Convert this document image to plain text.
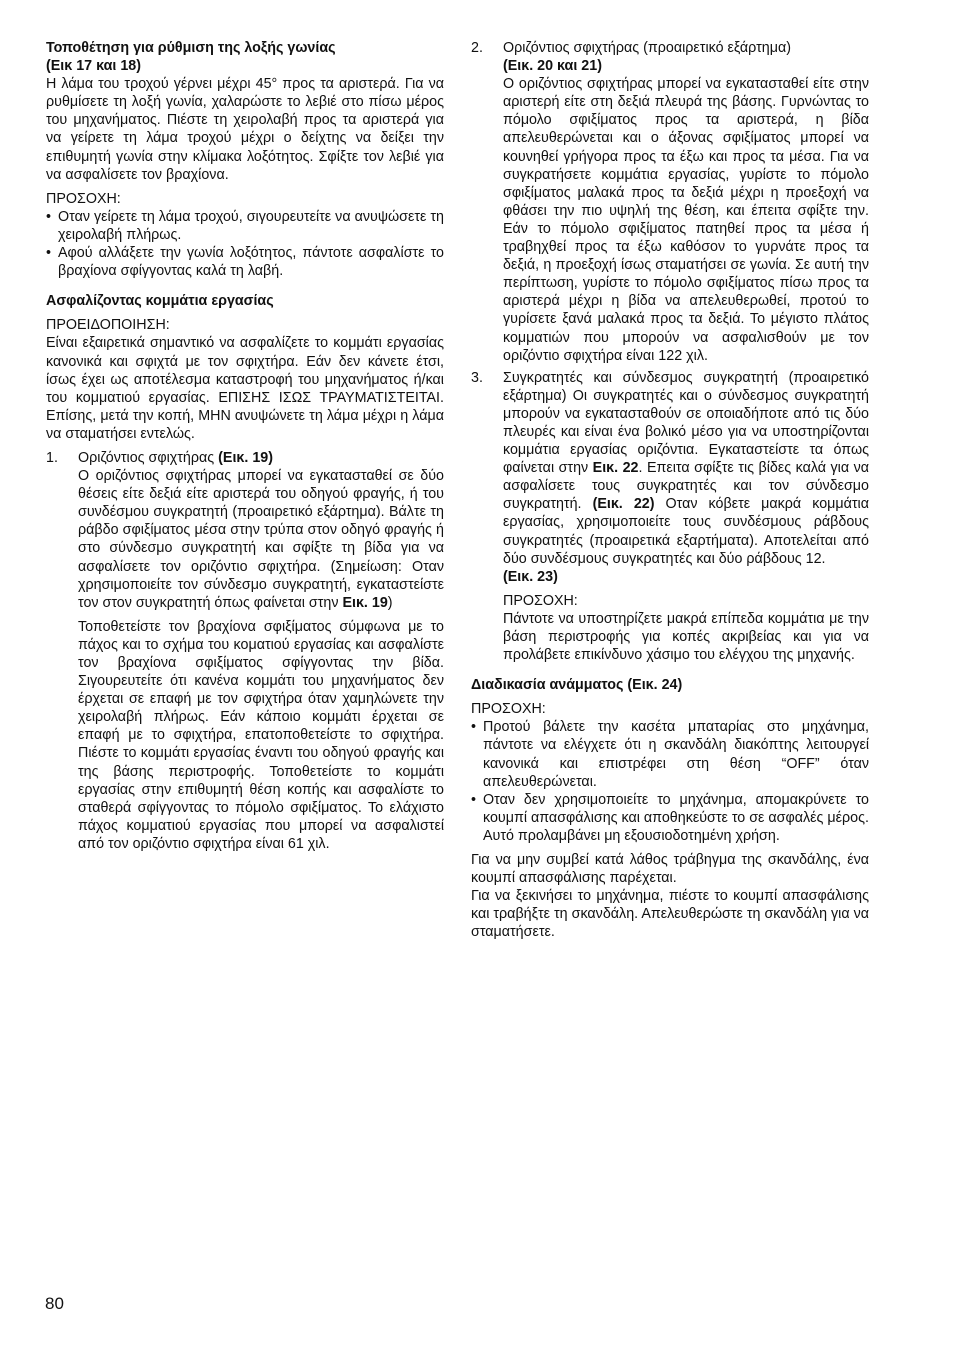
Τοποθέτηση για ρύθμιση της λοξής γωνίας

(Εικ 17 και 18)

Η λάμα του τροχού γέρνει μέχρι 45° προς τα αριστερά. Για να ρυθμίσετε τη λοξή γωνία, χαλαρώστε το λεβιέ στο πίσω μέρος του μηχανήματος. Πιέστε τη χειρολαβή προς τα αριστερά για να γείρετε τη λάμα τροχού μέχρι ο δείχτης να δείξει την επιθυμητή γωνία στην κλίμακα λοξότητος. Σφίξτε τον λεβιέ για να ασφαλίσετε τον βραχίονα.

ΠΡΟΣΟΧΗ:

• Οταν γείρετε τη λάμα τροχού, σιγουρευτείτε να ανυψώσετε τη χειρολαβή πλήρως.
• Αφού αλλάξετε την γωνία λοξότητος, πάντοτε ασφαλίστε το βραχίονα σφίγγοντας καλά τη λαβή.

Ασφαλίζοντας κομμάτια εργασίας

ΠΡΟΕΙΔΟΠΟΙΗΣΗ:

Είναι εξαιρετικά σημαντικό να ασφαλίζετε το κομμάτι εργασίας κανονικά και σφιχτά με τον σφιχτήρα. Εάν δεν κάνετε έτσι, ίσως έχει ως αποτέλεσμα καταστροφή του μηχανήματος ή/και του κομματιού εργασίας. ΕΠΙΣΗΣ ΙΣΩΣ ΤΡΑΥΜΑΤΙΣΤΕΙΤΑΙ. Επίσης, μετά την κοπή, ΜΗΝ ανυψώνετε τη λάμα μέχρι η λάμα να σταματήσει εντελώς.

1. Οριζόντιος σφιχτήρας (Εικ. 19)

Ο οριζόντιος σφιχτήρας μπορεί να εγκατασταθεί σε δύο θέσεις είτε δεξιά είτε αριστερά του οδηγού φραγής, ή του συνδέσμου συγκρατητή (προαιρετικό εξάρτημα). Βάλτε τη ράβδο σφιξίματος μέσα στην τρύπα στον οδηγό φραγής ή στο σύνδεσμο συγκρατητή και σφίξτε τη βίδα για να ασφαλίσετε τον οριζόντιο σφιχτήρα. (Σημείωση: Οταν χρησιμοποιείτε τον σύνδεσμο συγκρατητή, εγκαταστείστε τον στον συγκρατητή όπως φαίνεται στην Εικ. 19)

Τοποθετείστε τον βραχίονα σφιξίματος σύμφωνα με το πάχος και το σχήμα του κοματιού εργασίας και ασφαλίστε τον βραχίονα σφιξίματος σφίγγοντας την βίδα. Σιγουρευτείτε ότι κανένα κομμάτι του μηχανήματος δεν έρχεται σε επαφή με τον σφιχτήρα όταν χαμηλώνετε την χειρολαβή πλήρως. Εάν κάποιο κομμάτι έρχεται σε επαφή με το σφιχτήρα, επατοποθετείστε το σφιχτήρα. Πιέστε το κομμάτι εργασίας έναντι του οδηγού φραγής και της βάσης περιστροφής. Τοποθετείστε το κομμάτι εργασίας στην επιθυμητή θέση κοπής και ασφαλίστε το σταθερά σφίγγοντας το πόμολο σφιξίματος. Το ελάχιστο πάχος κομματιού εργασίας που μπορεί να ασφαλιστεί από τον οριζόντιο σφιχτήρα είναι 61 χιλ.

2. Οριζόντιος σφιχτήρας (προαιρετικό εξάρτημα)

(Εικ. 20 και 21)

Ο οριζόντιος σφιχτήρας μπορεί να εγκατασταθεί είτε στην αριστερή είτε στη δεξιά πλευρά της βάσης. Γυρνώντας το πόμολο σφιξίματος προς τα αριστερά, η βίδα απελευθερώνεται και ο άξονας σφιξίματος μπορεί να κουνηθεί γρήγορα προς τα έξω και προς τα μέσα. Για να συγκρατήσετε κομμάτια εργασίας, γυρίστε το πόμολο σφιξίματος μαλακά προς τα δεξιά μέχρι η προεξοχή να φθάσει την πιο υψηλή της θέση, και έπειτα σφίξτε την. Εάν το πόμολο σφιξίματος πατηθεί προς τα μέσα ή τραβηχθεί προς τα έξω καθόσον το γυρνάτε προς τα δεξιά, η προεξοχή ίσως σταματήσει σε γωνία. Σε αυτή την περίπτωση, γυρίστε το πόμολο σφιξίματος πίσω προς τα αριστερά μέχρι η βίδα να απελευθερωθεί, προτού το γυρίσετε ξανά μαλακά προς τα δεξιά. Το μέγιστο πλάτος κομματιών που μπορούν να ασφαλισθούν με τον οριζόντιο σφιχτήρα είναι 122 χιλ.

3. Συγκρατητές και σύνδεσμος συγκρατητή (προαιρετικό εξάρτημα) Οι συγκρατητές και ο σύνδεσμος συγκρατητή μπορούν να εγκατασταθούν σε οποιαδήποτε από τις δύο πλευρές και είναι ένα βολικό μέσο για να υποστηρίζονται κομμάτια εργασίας οριζόντια. Εγκαταστείστε τα όπως φαίνεται στην Εικ. 22. Επειτα σφίξτε τις βίδες καλά για να ασφαλίσετε τους συγκρατητές και τον σύνδεσμο συγκρατητή. (Εικ. 22) Οταν κόβετε μακρά κομμάτια εργασίας, χρησιμοποιείτε τους συνδέσμους ράβδους συγκρατητές (προαιρετικά εξαρτήματα). Αποτελείται από δύο συνδέσμους συγκρατητές και δύο ράβδους 12.

(Εικ. 23)

ΠΡΟΣΟΧΗ:

Πάντοτε να υποστηρίζετε μακρά επίπεδα κομμάτια με την βάση περιστροφής για κοπές ακριβείας και για να προλάβετε επικίνδυνο χάσιμο του ελέγχου της μηχανής.

Διαδικασία ανάμματος (Εικ. 24)

ΠΡΟΣΟΧΗ:

• Προτού βάλετε την κασέτα μπαταρίας στο μηχάνημα, πάντοτε να ελέγχετε ότι η σκανδάλη διακόπτης λειτουργεί κανονικά και επιστρέφει στη θέση “OFF” όταν απελευθερώνεται.
• Οταν δεν χρησιμοποιείτε το μηχάνημα, απομακρύνετε το κουμπί απασφάλισης και αποθηκεύστε το σε ασφαλές μέρος. Αυτό προλαμβάνει μη εξουσιοδοτημένη χρήση.

Για να μην συμβεί κατά λάθος τράβηγμα της σκανδάλης, ένα κουμπί απασφάλισης παρέχεται.

Για να ξεκινήσει το μηχάνημα, πιέστε το κουμπί απασφάλισης και τραβήξτε τη σκανδάλη. Απελευθερώστε τη σκανδάλη για να σταματήσετε.

80
